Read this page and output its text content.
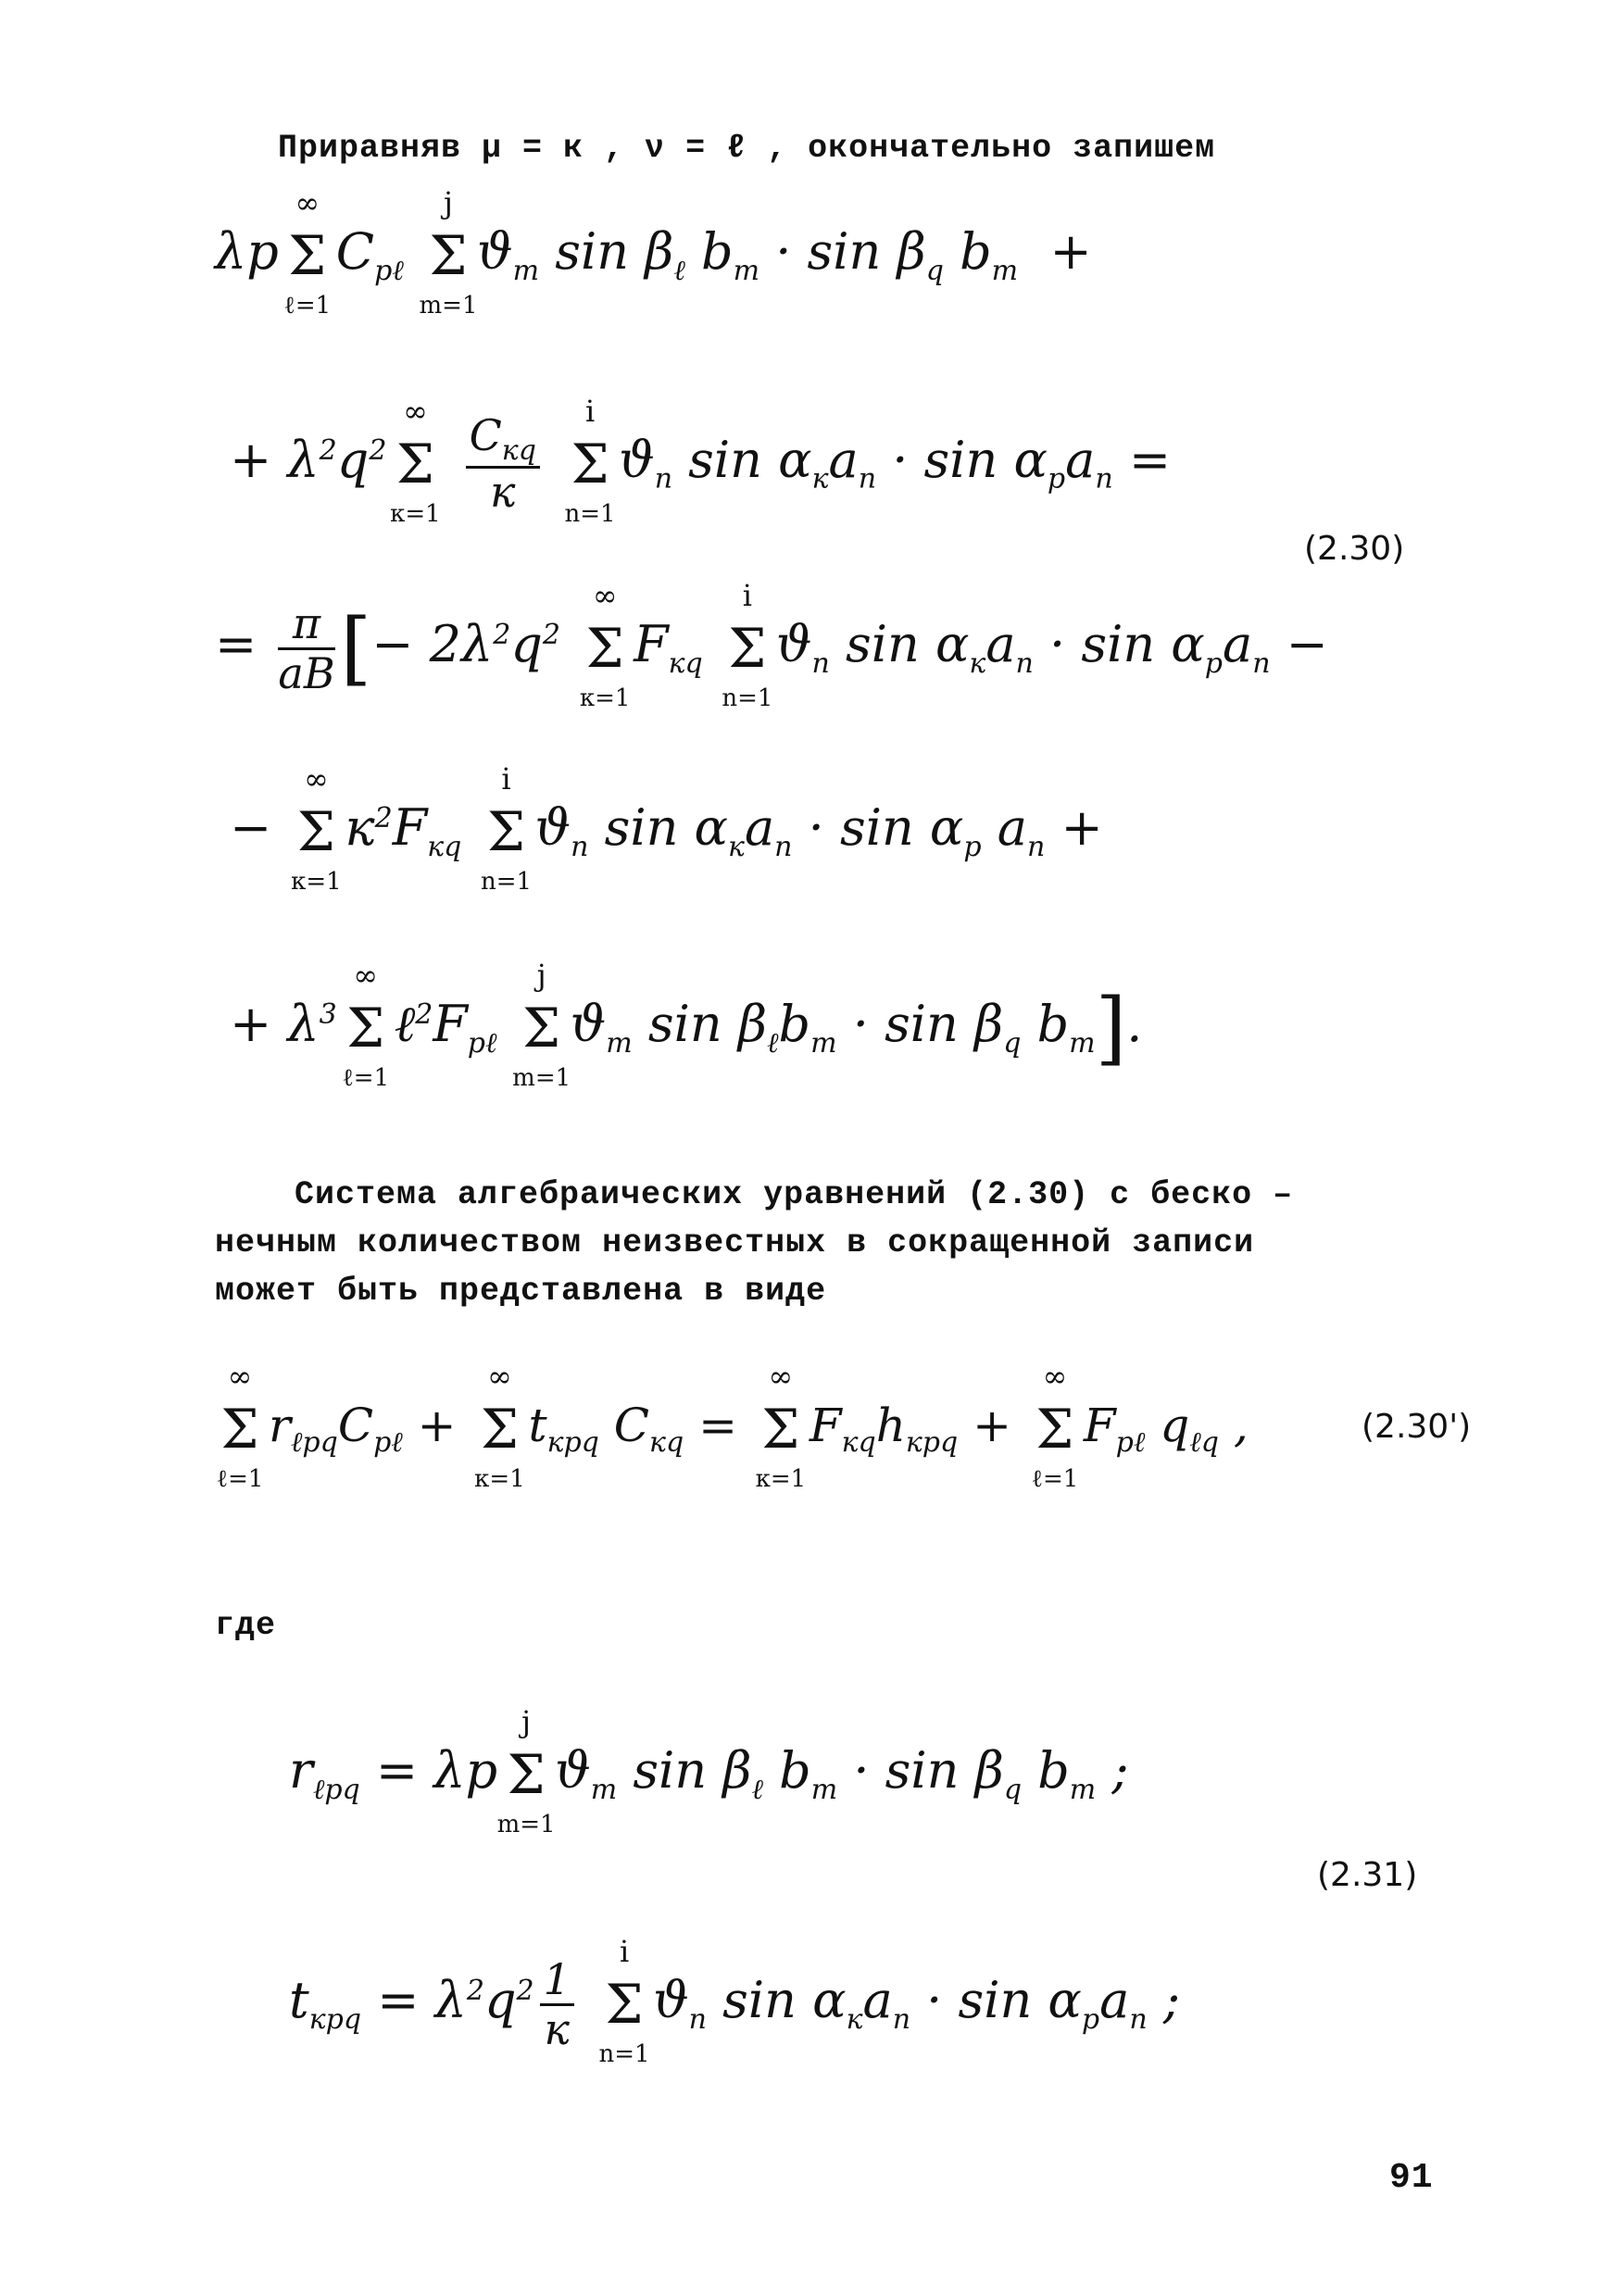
Приравняв μ = к , ν = ℓ , окончательно запишем
λp
∞
Σ
ℓ=1
$C_{p\ell}$
j
Σ
m=1
$ϑ_m$ $\sin \beta_\ell$ $b_m \cdot \sin \beta_q$ $b_m$  +
+ $\lambda^2q^2$
∞
Σ
к=1
$\frac{C_{кq}}{к}$

i
Σ
n=1
$ϑ_n$ $\sin \alpha_кa_n \cdot \sin \alpha_pa_n$ =
(2.30)
= $\frac{\pi}{aB}$ [− $2\lambda^2q^2$
∞
Σ
к=1
$F_{кq}$
i
Σ
n=1
$ϑ_n$ $\sin \alpha_кa_n \cdot \sin \alpha_pa_n$ −
−
∞
Σ
к=1
$к^2F_{кq}$
i
Σ
n=1
$ϑ_n$ $\sin \alpha_кa_n \cdot \sin \alpha_p$ $a_n$ +
+ $\lambda^3$
∞
Σ
ℓ=1
$\ell^2F_{p\ell}$
j
Σ
m=1
$ϑ_m$ $\sin \beta_\ell b_m \cdot \sin \beta_q$ $b_m$].
Система алгебраических уравнений (2.30) с беско –
нечным количеством неизвестных в сокращенной записи
может быть представлена в виде
∞
Σ
ℓ=1
$r_{\ell pq}C_{p\ell}$ +
∞
Σ
к=1
$t_{кpq}$ $C_{кq}$ =
∞
Σ
к=1
$F_{кq}h_{кpq}$ +
∞
Σ
ℓ=1
$F_{p\ell}$ $q_{\ell q}$ ,	(2.30')
где
$r_{\ell pq} = \lambda p$
j
Σ
m=1
$ϑ_m$ $\sin \beta_\ell$ $b_m \cdot \sin \beta_q$ $b_m$ ;
(2.31)
$t_{кpq} = \lambda^2q^2 \frac{1}{к}$

i
Σ
n=1
$ϑ_n$ $\sin \alpha_кa_n \cdot \sin \alpha_pa_n$ ;
91
